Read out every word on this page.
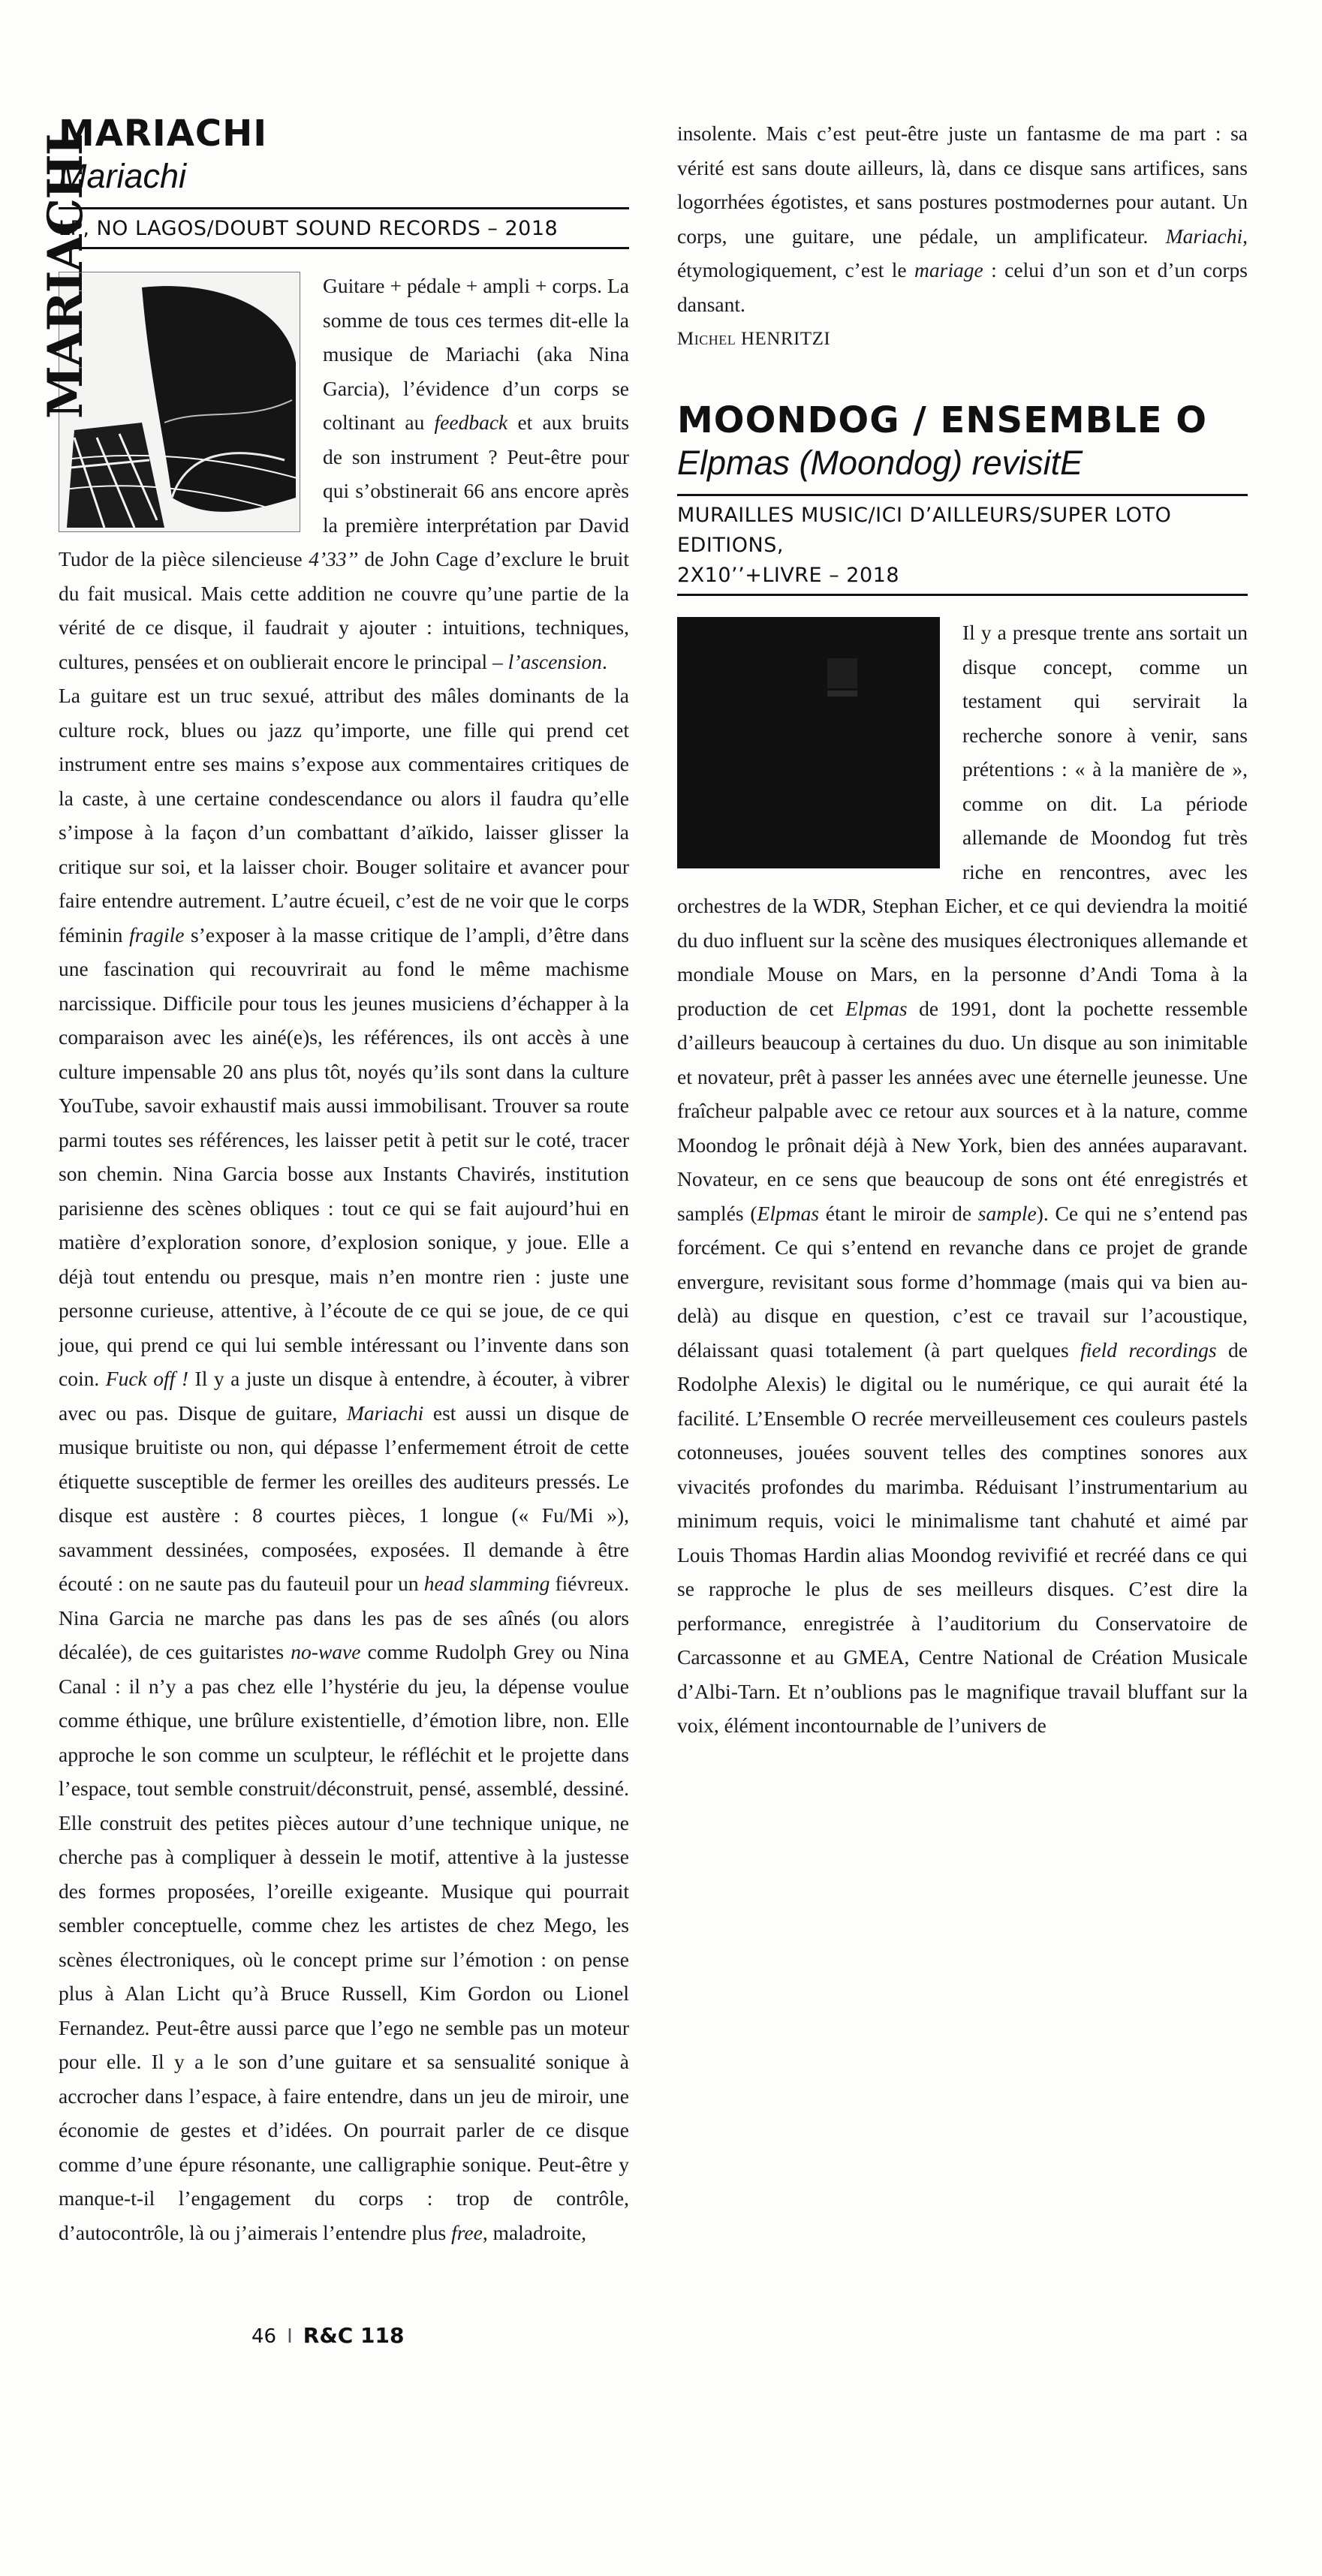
MARIACHI
Mariachi
LP, NO LAGOS/DOUBT SOUND RECORDS – 2018
MARIACHI	Guitare + pédale + ampli + corps. La somme de tous ces termes dit-elle la musique de Mariachi (aka Nina Garcia), l’évidence d’un corps se coltinant au feedback et aux bruits de son instrument ? Peut-être pour qui s’obstinerait 66 ans encore après la première interprétation par David Tudor de la pièce silencieuse 4’33’’ de John Cage d’exclure le bruit du fait musical. Mais cette addition ne couvre qu’une partie de la vérité de ce disque, il faudrait y ajouter : intuitions, techniques, cultures, pensées et on oublierait encore le principal – l’ascension.

La guitare est un truc sexué, attribut des mâles dominants de la culture rock, blues ou jazz qu’importe, une fille qui prend cet instrument entre ses mains s’expose aux commentaires critiques de la caste, à une certaine condescendance ou alors il faudra qu’elle s’impose à la façon d’un combattant d’aïkido, laisser glisser la critique sur soi, et la laisser choir. Bouger solitaire et avancer pour faire entendre autrement. L’autre écueil, c’est de ne voir que le corps féminin fragile s’exposer à la masse critique de l’ampli, d’être dans une fascination qui recouvrirait au fond le même machisme narcissique. Difficile pour tous les jeunes musiciens d’échapper à la comparaison avec les ainé(e)s, les références, ils ont accès à une culture impensable 20 ans plus tôt, noyés qu’ils sont dans la culture YouTube, savoir exhaustif mais aussi immobilisant. Trouver sa route parmi toutes ses références, les laisser petit à petit sur le coté, tracer son chemin. Nina Garcia bosse aux Instants Chavirés, institution parisienne des scènes obliques : tout ce qui se fait aujourd’hui en matière d’exploration sonore, d’explosion sonique, y joue. Elle a déjà tout entendu ou presque, mais n’en montre rien : juste une personne curieuse, attentive, à l’écoute de ce qui se joue, de ce qui joue, qui prend ce qui lui semble intéressant ou l’invente dans son coin. Fuck off ! Il y a juste un disque à entendre, à écouter, à vibrer avec ou pas. Disque de guitare, Mariachi est aussi un disque de musique bruitiste ou non, qui dépasse l’enfermement étroit de cette étiquette susceptible de fermer les oreilles des auditeurs pressés. Le disque est austère : 8 courtes pièces, 1 longue (« Fu/Mi »), savamment dessinées, composées, exposées. Il demande à être écouté : on ne saute pas du fauteuil pour un head slamming fiévreux. Nina Garcia ne marche pas dans les pas de ses aînés (ou alors décalée), de ces guitaristes no-wave comme Rudolph Grey ou Nina Canal : il n’y a pas chez elle l’hystérie du jeu, la dépense voulue comme éthique, une brûlure existentielle, d’émotion libre, non. Elle approche le son comme un sculpteur, le réfléchit et le projette dans l’espace, tout semble construit/déconstruit, pensé, assemblé, dessiné. Elle construit des petites pièces autour d’une technique unique, ne cherche pas à compliquer à dessein le motif, attentive à la justesse des formes proposées, l’oreille exigeante. Musique qui pourrait sembler conceptuelle, comme chez les artistes de chez Mego, les scènes électroniques, où le concept prime sur l’émotion : on pense plus à Alan Licht qu’à Bruce Russell, Kim Gordon ou Lionel Fernandez. Peut-être aussi parce que l’ego ne semble pas un moteur pour elle. Il y a le son d’une guitare et sa sensualité sonique à accrocher dans l’espace, à faire entendre, dans un jeu de miroir, une économie de gestes et d’idées. On pourrait parler de ce disque comme d’une épure résonante, une calligraphie sonique. Peut-être y manque-t-il l’engagement du corps : trop de contrôle, d’autocontrôle, là ou j’aimerais l’entendre plus free, maladroite,

insolente. Mais c’est peut-être juste un fantasme de ma part : sa vérité est sans doute ailleurs, là, dans ce disque sans artifices, sans logorrhées égotistes, et sans postures postmodernes pour autant. Un corps, une guitare, une pédale, un amplificateur. Mariachi, étymologiquement, c’est le mariage : celui d’un son et d’un corps dansant.

Michel HENRITZI
MOONDOG / ENSEMBLE O
Elpmas (Moondog) revisitE
MURAILLES MUSIC/ICI D’AILLEURS/SUPER LOTO EDITIONS,
2X10’’+LIVRE – 2018

Il y a presque trente ans sortait un disque concept, comme un testament qui servirait la recherche sonore à venir, sans prétentions : « à la manière de », comme on dit. La période allemande de Moondog fut très riche en rencontres, avec les orchestres de la WDR, Stephan Eicher, et ce qui deviendra la moitié du duo influent sur la scène des musiques électroniques allemande et mondiale Mouse on Mars, en la personne d’Andi Toma à la production de cet Elpmas de 1991, dont la pochette ressemble d’ailleurs beaucoup à certaines du duo. Un disque au son inimitable et novateur, prêt à passer les années avec une éternelle jeunesse. Une fraîcheur palpable avec ce retour aux sources et à la nature, comme Moondog le prônait déjà à New York, bien des années auparavant. Novateur, en ce sens que beaucoup de sons ont été enregistrés et samplés (Elpmas étant le miroir de sample). Ce qui ne s’entend pas forcément. Ce qui s’entend en revanche dans ce projet de grande envergure, revisitant sous forme d’hommage (mais qui va bien au-delà) au disque en question, c’est ce travail sur l’acoustique, délaissant quasi totalement (à part quelques field recordings de Rodolphe Alexis) le digital ou le numérique, ce qui aurait été la facilité. L’Ensemble O recrée merveilleusement ces couleurs pastels cotonneuses, jouées souvent telles des comptines sonores aux vivacités profondes du marimba. Réduisant l’instrumentarium au minimum requis, voici le minimalisme tant chahuté et aimé par Louis Thomas Hardin alias Moondog revivifié et recréé dans ce qui se rapproche le plus de ses meilleurs disques. C’est dire la performance, enregistrée à l’auditorium du Conservatoire de Carcassonne et au GMEA, Centre National de Création Musicale d’Albi-Tarn. Et n’oublions pas le magnifique travail bluffant sur la voix, élément incontournable de l’univers de

46 I R&C 118
